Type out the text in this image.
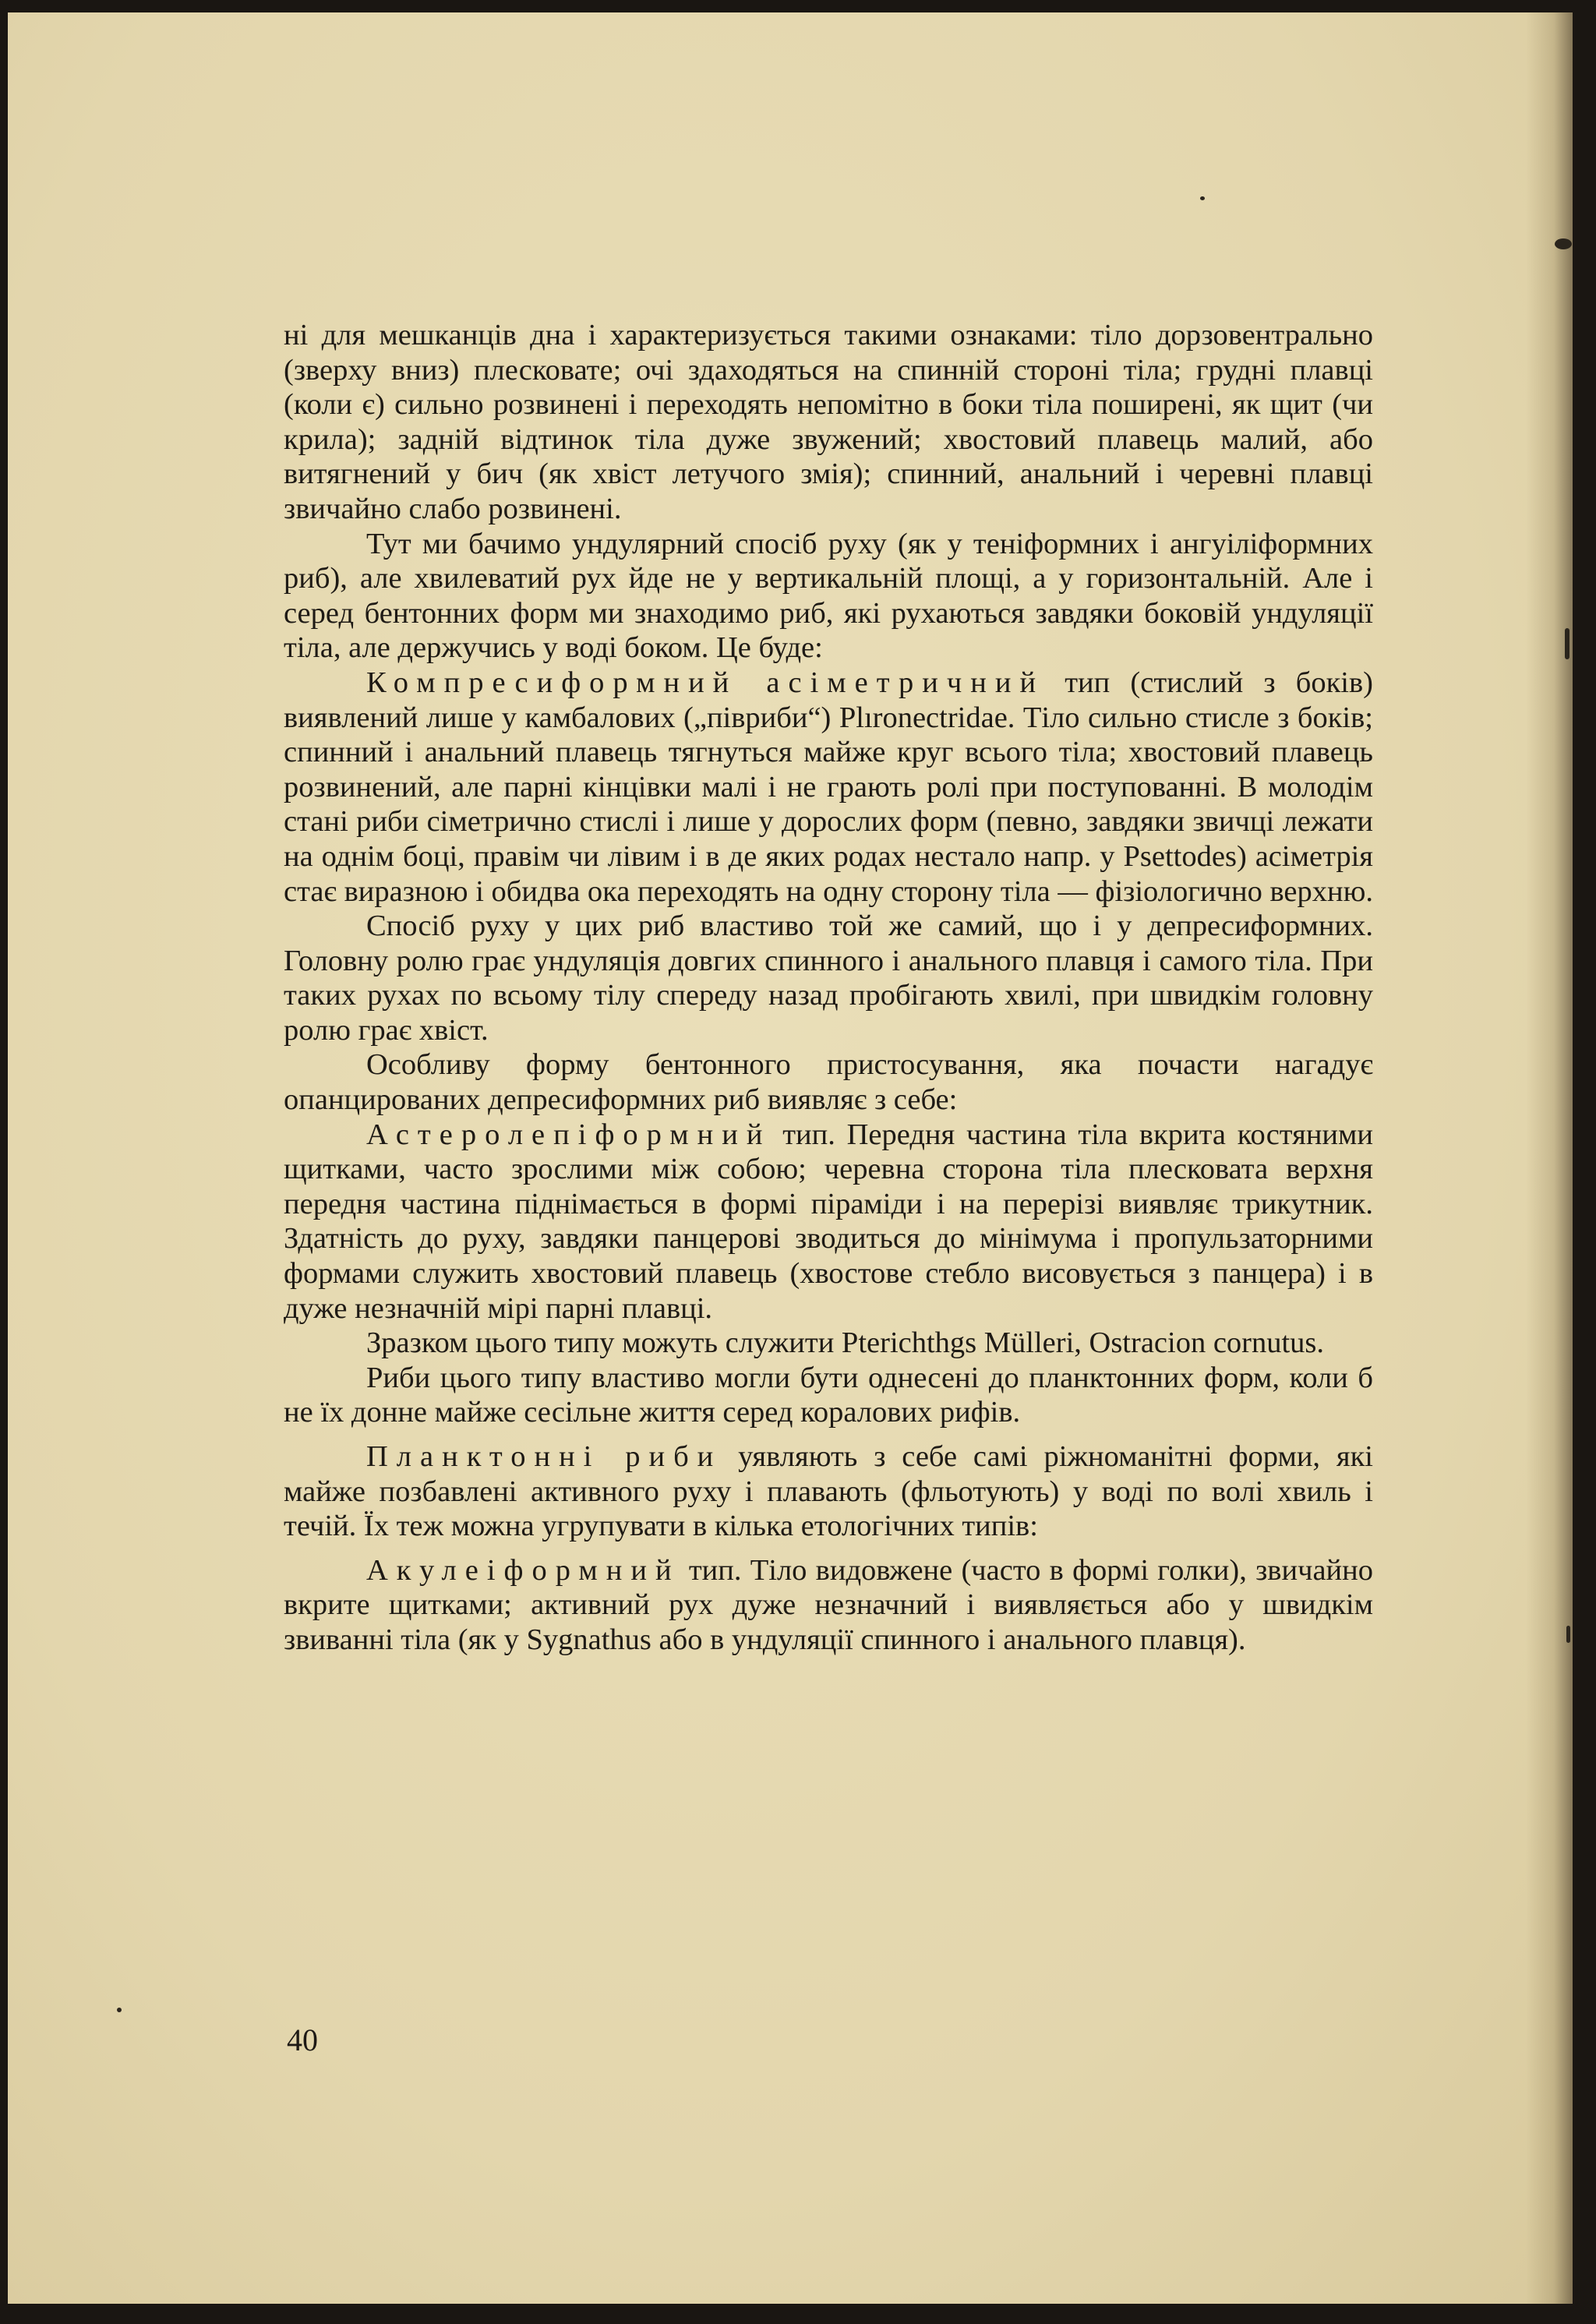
ні для мешканців дна і характеризується такими ознаками: тіло дорзовентрально (зверху вниз) плесковате; очі здаходяться на спинній стороні тіла; грудні плавці (коли є) сильно розвинені і переходять непомітно в боки тіла поширені, як щит (чи крила); задній відтинок тіла дуже звужений; хвостовий плавець малий, або витягнений у бич (як хвіст летучого змія); спинний, анальний і черевні плавці звичайно слабо розвинені.

Тут ми бачимо ундулярний спосіб руху (як у теніформних і ангуіліформних риб), але хвилеватий рух йде не у вертикальній площі, а у горизонтальній. Але і серед бентонних форм ми знаходимо риб, які рухаються завдяки боковій ундуляції тіла, але держучись у воді боком. Це буде:

Компресиформний асіметричний тип (стислий з боків) виявлений лише у камбалових („півриби“) Plıronectridae. Тіло сильно стисле з боків; спинний і анальний плавець тягнуться майже круг всього тіла; хвостовий плавець розвинений, але парні кінцівки малі і не грають ролі при поступованні. В молодім стані риби сіметрично стислі і лише у дорослих форм (певно, завдяки звичці лежати на однім боці, правім чи лівим і в де яких родах нестало напр. у Psettodes) асіметрія стає виразною і обидва ока переходять на одну сторону тіла — фізіологично верхню.

Спосіб руху у цих риб властиво той же самий, що і у депресиформних. Головну ролю грає ундуляція довгих спинного і анального плавця і самого тіла. При таких рухах по всьому тілу спереду назад пробігають хвилі, при швидкім головну ролю грає хвіст.

Особливу форму бентонного пристосування, яка почасти нагадує опанцированих депресиформних риб виявляє з себе:

Астеролепіформний тип. Передня частина тіла вкрита костяними щитками, часто зрослими між собою; черевна сторона тіла плесковата верхня передня частина піднімається в формі піраміди і на перерізі виявляє трикутник. Здатність до руху, завдяки панцерові зводиться до мінімума і пропульзаторними формами служить хвостовий плавець (хвостове стебло висовується з панцера) і в дуже незначній мірі парні плавці.

Зразком цього типу можуть служити Pterichthgs Mülleri, Ostracion cornutus.

Риби цього типу властиво могли бути однесені до планктонних форм, коли б не їх донне майже сесільне життя серед коралових рифів.

Планктонні риби уявляють з себе самі ріжноманітні форми, які майже позбавлені активного руху і плавають (фльотують) у воді по волі хвиль і течій. Їх теж можна угрупувати в кілька етологічних типів:

Акулеіформний тип. Тіло видовжене (часто в формі голки), звичайно вкрите щитками; активний рух дуже незначний і виявляється або у швидкім звиванні тіла (як у Sygnathus або в ундуляції спинного і анального плавця).

40
